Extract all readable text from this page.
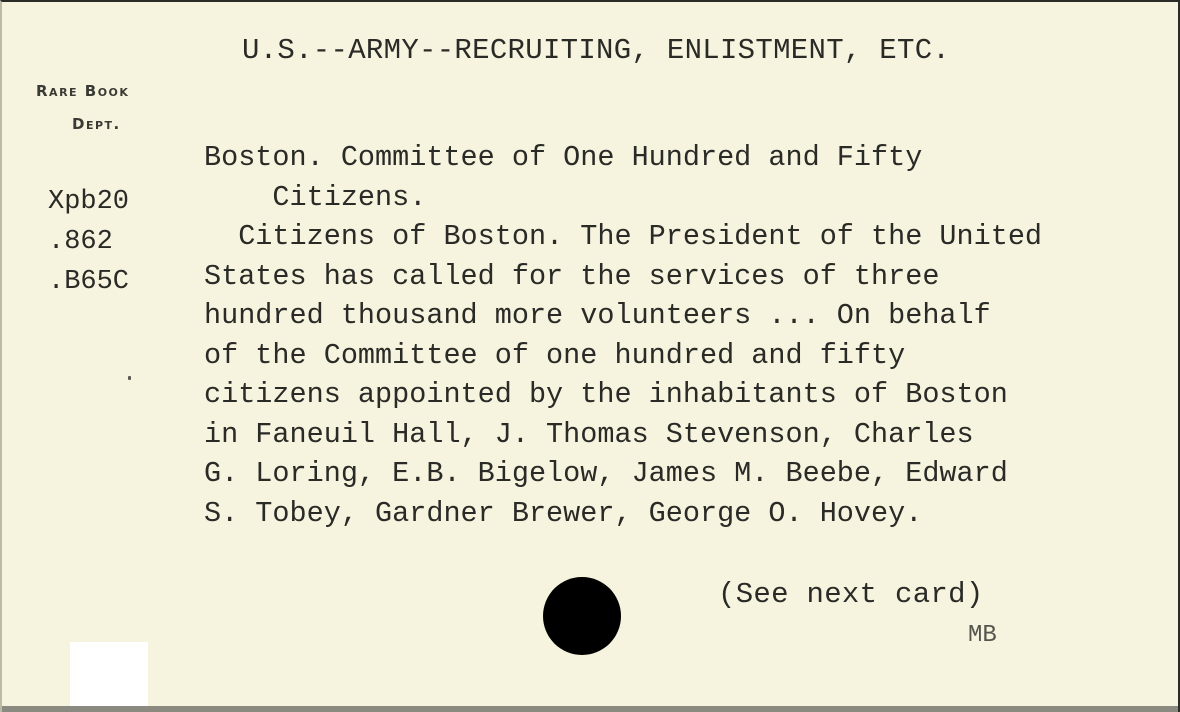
U.S.--ARMY--RECRUITING, ENLISTMENT, ETC.
Rare Book
Dept.
Xpb20
.862
.B65C
Boston. Committee of One Hundred and Fifty
Citizens.
Citizens of Boston. The President of the United
States has called for the services of three
hundred thousand more volunteers ... On behalf
of the Committee of one hundred and fifty
citizens appointed by the inhabitants of Boston
in Faneuil Hall, J. Thomas Stevenson, Charles
G. Loring, E.B. Bigelow, James M. Beebe, Edward
S. Tobey, Gardner Brewer, George O. Hovey.
(See next card)
MB
